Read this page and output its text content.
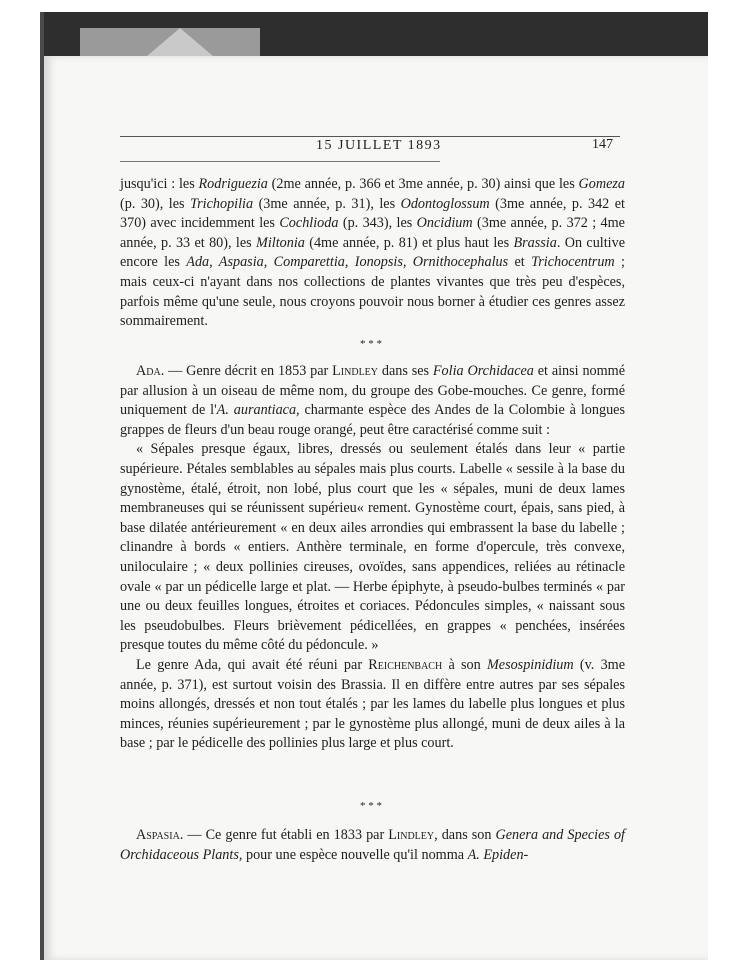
15 JUILLET 1893	147

jusqu'ici : les Rodriguezia (2me année, p. 366 et 3me année, p. 30) ainsi que les Gomeza (p. 30), les Trichopilia (3me année, p. 31), les Odontoglossum (3me année, p. 342 et 370) avec incidemment les Cochlioda (p. 343), les Oncidium (3me année, p. 372 ; 4me année, p. 33 et 80), les Miltonia (4me année, p. 81) et plus haut les Brassia. On cultive encore les Ada, Aspasia, Comparettia, Ionopsis, Ornithocephalus et Trichocentrum ; mais ceux-ci n'ayant dans nos collections de plantes vivantes que très peu d'espèces, parfois même qu'une seule, nous croyons pouvoir nous borner à étudier ces genres assez sommairement.

* * *

Ada. — Genre décrit en 1853 par Lindley dans ses Folia Orchidacea et ainsi nommé par allusion à un oiseau de même nom, du groupe des Gobe-mouches. Ce genre, formé uniquement de l'A. aurantiaca, charmante espèce des Andes de la Colombie à longues grappes de fleurs d'un beau rouge orangé, peut être caractérisé comme suit :

« Sépales presque égaux, libres, dressés ou seulement étalés dans leur « partie supérieure. Pétales semblables au sépales mais plus courts. Labelle « sessile à la base du gynostème, étalé, étroit, non lobé, plus court que les « sépales, muni de deux lames membraneuses qui se réunissent supérieu« rement. Gynostème court, épais, sans pied, à base dilatée antérieurement « en deux ailes arrondies qui embrassent la base du labelle ; clinandre à bords « entiers. Anthère terminale, en forme d'opercule, très convexe, uniloculaire ; « deux pollinies cireuses, ovoïdes, sans appendices, reliées au rétinacle ovale « par un pédicelle large et plat. — Herbe épiphyte, à pseudo-bulbes terminés « par une ou deux feuilles longues, étroites et coriaces. Pédoncules simples, « naissant sous les pseudobulbes. Fleurs brièvement pédicellées, en grappes « penchées, insérées presque toutes du même côté du pédoncule. »

Le genre Ada, qui avait été réuni par Reichenbach à son Mesospinidium (v. 3me année, p. 371), est surtout voisin des Brassia. Il en diffère entre autres par ses sépales moins allongés, dressés et non tout étalés ; par les lames du labelle plus longues et plus minces, réunies supérieurement ; par le gynostème plus allongé, muni de deux ailes à la base ; par le pédicelle des pollinies plus large et plus court.

* * *

Aspasia. — Ce genre fut établi en 1833 par Lindley, dans son Genera and Species of Orchidaceous Plants, pour une espèce nouvelle qu'il nomma A. Epiden-
